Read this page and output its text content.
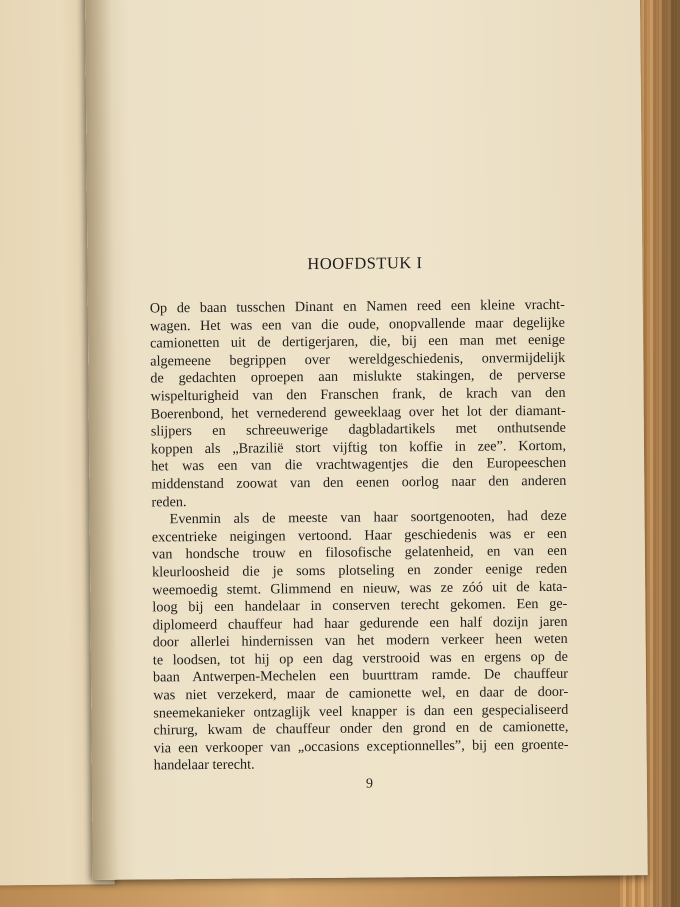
HOOFDSTUK I
Op de baan tusschen Dinant en Namen reed een kleine vracht-
wagen. Het was een van die oude, onopvallende maar degelijke
camionetten uit de dertigerjaren, die, bij een man met eenige
algemeene begrippen over wereldgeschiedenis, onvermijdelijk
de gedachten oproepen aan mislukte stakingen, de perverse
wispelturigheid van den Franschen frank, de krach van den
Boerenbond, het vernederend geweeklaag over het lot der diamant-
slijpers en schreeuwerige dagbladartikels met onthutsende
koppen als „Brazilië stort vijftig ton koffie in zee”. Kortom,
het was een van die vrachtwagentjes die den Europeeschen
middenstand zoowat van den eenen oorlog naar den anderen
reden.
Evenmin als de meeste van haar soortgenooten, had deze
excentrieke neigingen vertoond. Haar geschiedenis was er een
van hondsche trouw en filosofische gelatenheid, en van een
kleurloosheid die je soms plotseling en zonder eenige reden
weemoedig stemt. Glimmend en nieuw, was ze zóó uit de kata-
loog bij een handelaar in conserven terecht gekomen. Een ge-
diplomeerd chauffeur had haar gedurende een half dozijn jaren
door allerlei hindernissen van het modern verkeer heen weten
te loodsen, tot hij op een dag verstrooid was en ergens op de
baan Antwerpen-Mechelen een buurttram ramde. De chauffeur
was niet verzekerd, maar de camionette wel, en daar de door-
sneemekanieker ontzaglijk veel knapper is dan een gespecialiseerd
chirurg, kwam de chauffeur onder den grond en de camionette,
via een verkooper van „occasions exceptionnelles”, bij een groente-
handelaar terecht.
9
